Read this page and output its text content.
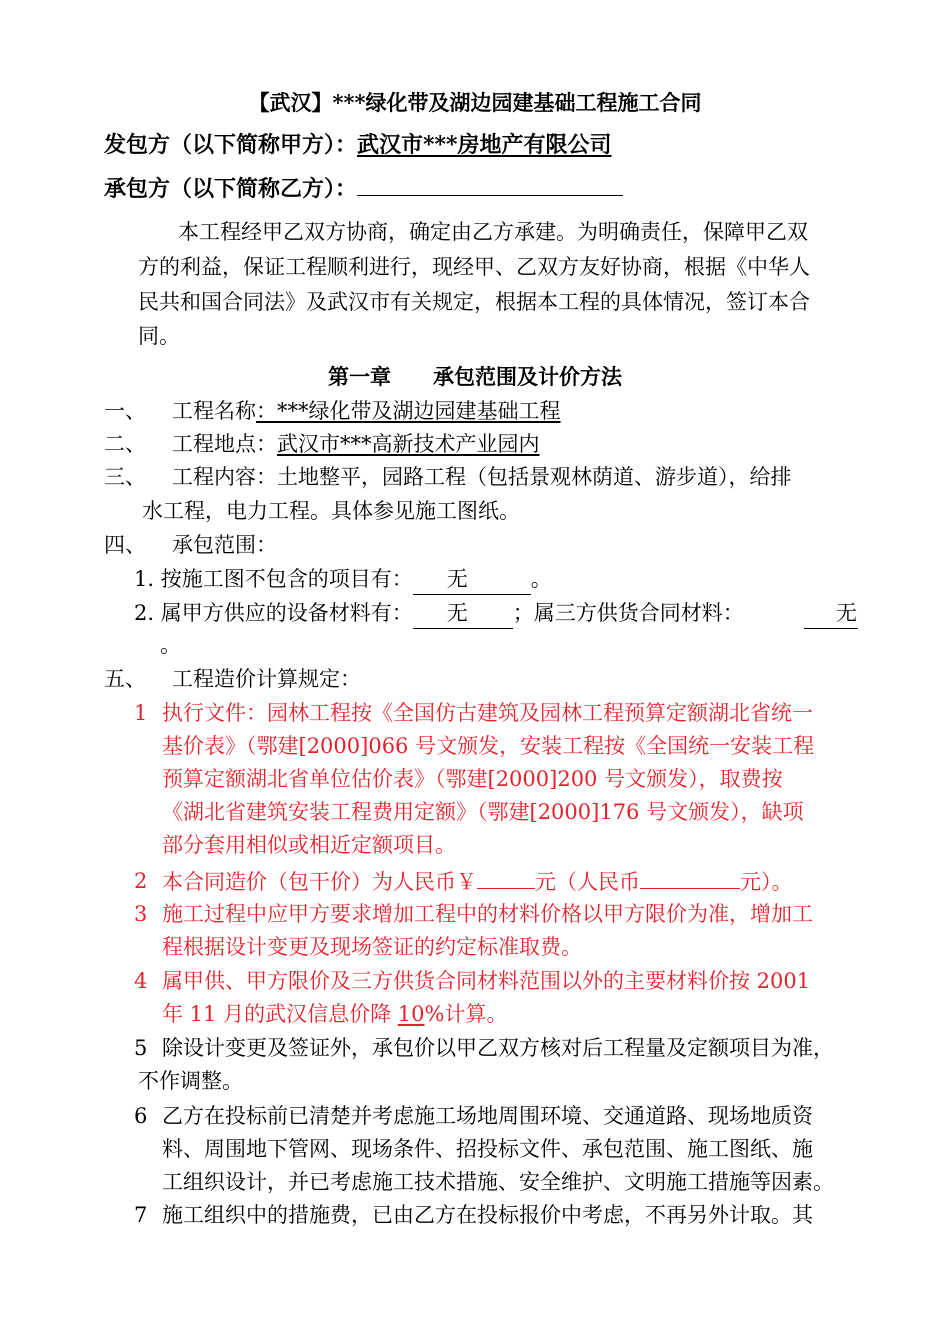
【武汉】***绿化带及湖边园建基础工程施工合同
发包方（以下简称甲方）：武汉市***房地产有限公司
承包方（以下简称乙方）：
本工程经甲乙双方协商，确定由乙方承建。为明确责任，保障甲乙双
方的利益，保证工程顺利进行，现经甲、乙双方友好协商，根据《中华人
民共和国合同法》及武汉市有关规定，根据本工程的具体情况，签订本合
同。
第一章　　承包范围及计价方法
一、 工程名称：***绿化带及湖边园建基础工程
二、 工程地点：武汉市***高新技术产业园内
三、 工程内容：土地整平，园路工程（包括景观林荫道、游步道），给排
水工程，电力工程。具体参见施工图纸。
四、 承包范围：
1. 按施工图不包含的项目有： 无	。
2. 属甲方供应的设备材料有： 无 ；属三方供货合同材料：	无
。
五、 工程造价计算规定：
1 执行文件：园林工程按《全国仿古建筑及园林工程预算定额湖北省统一
基价表》（鄂建[2000]066 号文颁发，安装工程按《全国统一安装工程
预算定额湖北省单位估价表》（鄂建[2000]200 号文颁发），取费按
《湖北省建筑安装工程费用定额》（鄂建[2000]176 号文颁发），缺项
部分套用相似或相近定额项目。
2 本合同造价（包干价）为人民币￥	元（人民币	元）。
3 施工过程中应甲方要求增加工程中的材料价格以甲方限价为准，增加工
程根据设计变更及现场签证的约定标准取费。
4 属甲供、甲方限价及三方供货合同材料范围以外的主要材料价按 2001
年 11 月的武汉信息价降 10%计算。
5 除设计变更及签证外，承包价以甲乙双方核对后工程量及定额项目为准，
不作调整。
6 乙方在投标前已清楚并考虑施工场地周围环境、交通道路、现场地质资
料、周围地下管网、现场条件、招投标文件、承包范围、施工图纸、施
工组织设计，并已考虑施工技术措施、安全维护、文明施工措施等因素。
7 施工组织中的措施费，已由乙方在投标报价中考虑，不再另外计取。其
